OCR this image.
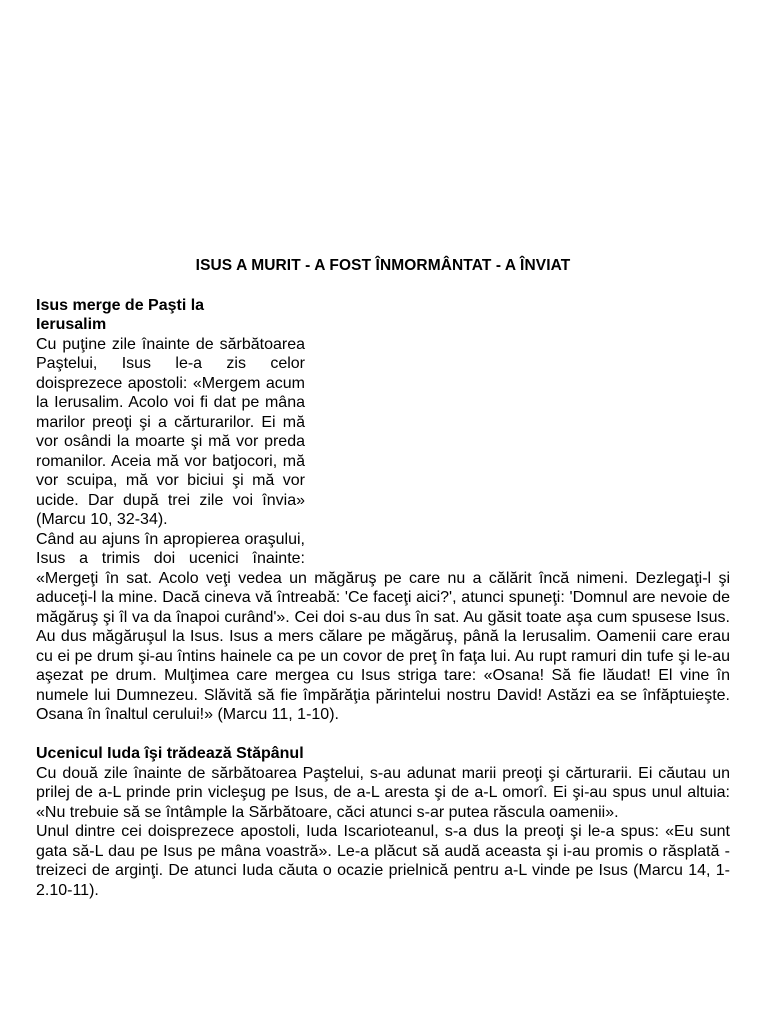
ISUS A MURIT - A FOST ÎNMORMÂNTAT - A ÎNVIAT
Isus merge de Paşti la Ierusalim

Cu puţine zile înainte de sărbătoarea Paştelui, Isus le-a zis celor doisprezece apostoli: «Mergem acum la Ierusalim. Acolo voi fi dat pe mâna marilor preoţi şi a cărturarilor. Ei mă vor osândi la moarte şi mă vor preda romanilor. Aceia mă vor batjocori, mă vor scuipa, mă vor biciui şi mă vor ucide. Dar după trei zile voi învia» (Marcu 10, 32-34).

Când au ajuns în apropierea oraşului, Isus a trimis doi ucenici înainte: «Mergeţi în sat. Acolo veţi vedea un măgăruş pe care nu a călărit încă nimeni. Dezlegaţi-l şi aduceţi-l la mine. Dacă cineva vă întreabă: 'Ce faceţi aici?', atunci spuneţi: 'Domnul are nevoie de măgăruş şi îl va da înapoi curând'». Cei doi s-au dus în sat. Au găsit toate aşa cum spusese Isus. Au dus măgăruşul la Isus. Isus a mers călare pe măgăruş, până la Ierusalim. Oamenii care erau cu ei pe drum şi-au întins hainele ca pe un covor de preţ în faţa lui. Au rupt ramuri din tufe şi le-au aşezat pe drum. Mulţimea care mergea cu Isus striga tare: «Osana! Să fie lăudat! El vine în numele lui Dumnezeu. Slăvită să fie împărăţia părintelui nostru David! Astăzi ea se înfăptuieşte. Osana în înaltul cerului!» (Marcu 11, 1-10).

Ucenicul Iuda îşi trădează Stăpânul

Cu două zile înainte de sărbătoarea Paştelui, s-au adunat marii preoţi şi cărturarii. Ei căutau un prilej de a-L prinde prin vicleşug pe Isus, de a-L aresta şi de a-L omorî. Ei şi-au spus unul altuia: «Nu trebuie să se întâmple la Sărbătoare, căci atunci s-ar putea răscula oamenii».

Unul dintre cei doisprezece apostoli, Iuda Iscarioteanul, s-a dus la preoţi şi le-a spus: «Eu sunt gata să-L dau pe Isus pe mâna voastră». Le-a plăcut să audă aceasta şi i-au promis o răsplată - treizeci de arginţi. De atunci Iuda căuta o ocazie prielnică pentru a-L vinde pe Isus (Marcu 14, 1-2.10-11).
